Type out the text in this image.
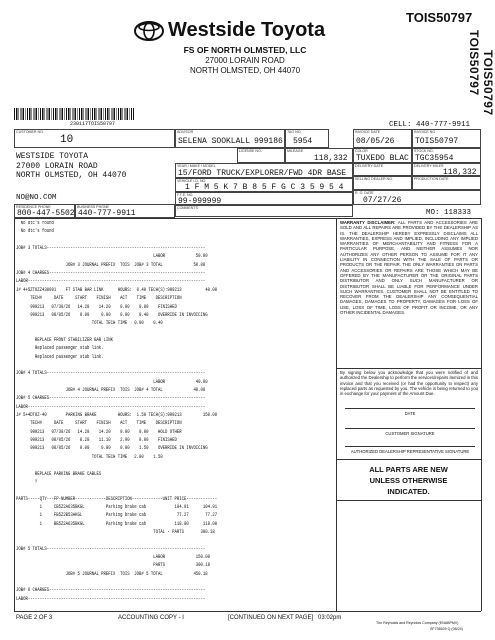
Westside Toyota
FS OF NORTH OLMSTED, LLC
27000 LORAIN ROAD
NORTH OLMSTED, OH 44070
TOIS50797
TOIS50797 TOIS50797
230117TOIS50797	CELL: 440-777-9911
CUSTOMER NO.
10
ADVISOR
SELENA SOOKLALL 999186
TAG NO.
5954
INVOICE DATE
08/05/26
INVOICE NO.
TOIS50797
LICENSE NO.	MILEAGE
118,332
COLOR
TUXEDO BLAC
STOCK NO.
TGC35954
DELIVERY DATE	DELIVERY MILES
118,332
YEAR / MAKE / MODEL
15/FORD TRUCK/EXPLORER/FWD 4DR BASE
SELLING DEALER NO.	PRODUCTION DATE
VEHICLE I.D. NO.
1 F M 5 K 7 B 8 5 F G C 3 5 9 5 4
F.T.E. NO.
99-999999
R. O. DATE
07/27/26
COMMENTS
WESTSIDE TOYOTA
27000 LORAIN ROAD
NORTH OLMSTED, OH 44070
NO@NO.COM
RESIDENCE PHONE
800-447-5502
BUSINESS PHONE
440-777-9911	MO: 118333
No dtc's found
No dtc's found
JOB# 3 TOTALS-------------------------------------------------------------------
LABOR             50.00
JOB# 3 JOURNAL PREFIX  TOIS  JOB# 3 TOTAL             50.00
JOB# 4 CHARGES------------------------------------------------------------------
LABOR---------------------------------------------------------------------------
J# 4+5ZTOZZ430991    FT STAB BAR LINK      HOURS:  0.40 TECH(S):999213          40.00
TECH#     DATE     START    FINISH    ACT    TIME    DESCRIPTION
999213   07/30/26   14.20    14.20    0.00    0.00    FINISHED
999213   08/05/26    0.00     0.00    0.00    0.40    OVERRIDE IN INVOICING
TOTAL TECH TIME   0.00    0.40
REPLACE FRONT STABILIZER BAR LINK
Replaced passenger stab link.
Replaced passenger stab link.
JOB# 4 TOTALS-------------------------------------------------------------------
LABOR             40.00
JOB# 4 JOURNAL PREFIX  TOIS  JOB# 4 TOTAL             40.00
JOB# 5 CHARGES------------------------------------------------------------------
LABOR---------------------------------------------------------------------------
J# 5+4DTOZ-40        PARKING BRAKE         HOURS:  1.50 TECH(S):999213         150.00
TECH#     DATE     START    FINISH    ACT    TIME    DESCRIPTION
999213   07/30/26   14.20    14.20    0.00    0.00    HOLD OTHER
999213   08/05/26    8.20    11.10    2.90    0.00    FINISHED
999213   08/05/26    0.00     0.00    0.00    1.50    OVERRIDE IN INVOICING
TOTAL TECH TIME   2.90    1.50
REPLACE PARKING BRAKE CABLES
?
PARTS-----QTY---FP-NUMBER-------------DESCRIPTION-------------UNIT PRICE-------------
1     CB5Z2A635BKGL         Parking brake cab            104.91      104.91
1     FB5Z2B53AKGL          Parking brake cab             77.27       77.27
1     BB5Z2A635BKGL         Parking brake cab            118.00      118.00
TOTAL - PARTS       300.18
JOB# 5 TOTALS-------------------------------------------------------------------
LABOR             150.00
PARTS             300.18
JOB# 5 JOURNAL PREFIX  TOIS  JOB# 5 TOTAL             450.18
JOB# 6 CHARGES------------------------------------------------------------------
LABOR---------------------------------------------------------------------------
WARRANTY DISCLAIMER: ALL PARTS AND ACCESSORIES ARE SOLD AND ALL REPAIRS ARE PROVIDED BY THE DEALERSHIP AS IS. THE DEALERSHIP HEREBY EXPRESSLY DISCLAIMS ALL WARRANTIES, EXPRESS AND IMPLIED, INCLUDING ANY IMPLIED WARRANTIES OF MERCHANTABILITY AND FITNESS FOR A PARTICULAR PURPOSE, AND NEITHER ASSUMES NOR AUTHORIZES ANY OTHER PERSON TO ASSUME FOR IT ANY LIABILITY IN CONNECTION WITH THE SALE OF PARTS OR PRODUCTS OR THE REPAIR. THE ONLY WARRANTIES ON PARTS AND ACCESSORIES OR REPAIRS ARE THOSE WHICH MAY BE OFFERED BY THE MANUFACTURER OR THE ORIGINAL PARTS DISTRIBUTOR AND ONLY SUCH MANUFACTURER OR DISTRIBUTOR SHALL BE LIABLE FOR PERFORMANCE UNDER SUCH WARRANTIES. CUSTOMER SHALL NOT BE ENTITLED TO RECOVER FROM THE DEALERSHIP ANY CONSEQUENTIAL DAMAGES, DAMAGES TO PROPERTY, DAMAGES FOR LOSS OF USE, LOSS OF TIME, LOSS OF PROFIT OR INCOME, OR ANY OTHER INCIDENTAL DAMAGES.
By signing below you acknowledge that you were notified of and authorized the Dealership to perform the services/repairs itemized in this invoice and that you received (or had the opportunity to inspect) any replaced parts as requested by you. The vehicle is being returned to you in exchange for your payment of the Amount Due.
DATE
CUSTOMER SIGNATURE
AUTHORIZED DEALERSHIP REPRESENTATIVE SIGNATURE
ALL PARTS ARE NEW
UNLESS OTHERWISE
INDICATED.
PAGE 2 OF 3	ACCOUNTING COPY - I	[CONTINUED ON NEXT PAGE] 03:02pm
The Reynolds and Reynolds Company (ENABPMV)
SF736529 Q (08/24)
